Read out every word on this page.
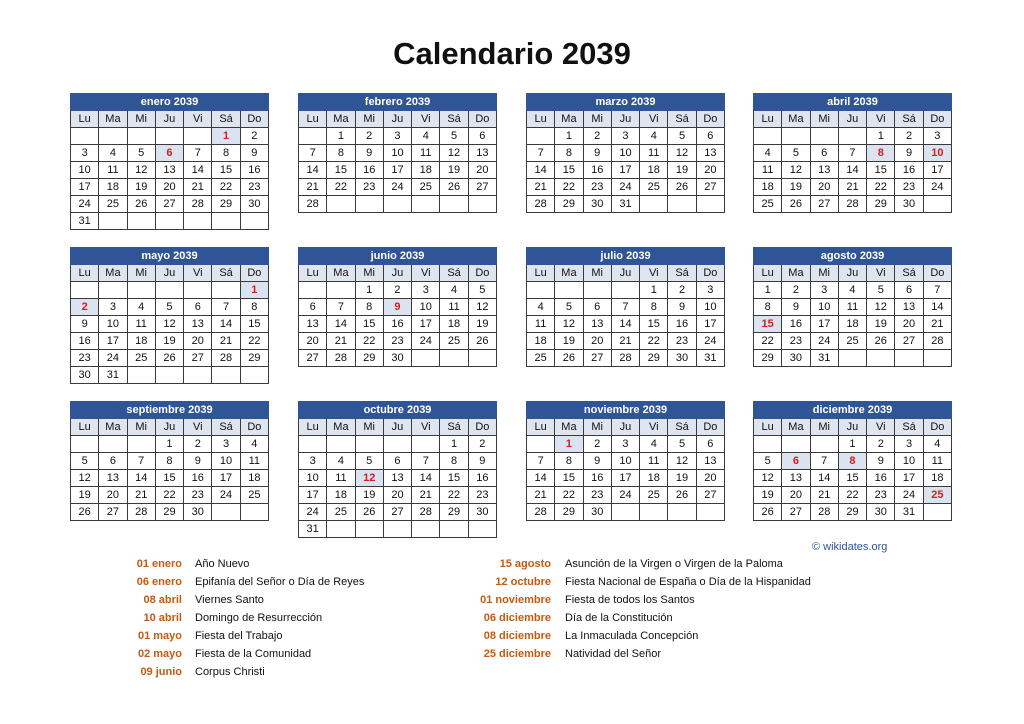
Calendario 2039
enero 2039						
Lu	Ma	Mi	Ju	Vi	Sá	Do
					1	2
3	4	5	6	7	8	9
10	11	12	13	14	15	16
17	18	19	20	21	22	23
24	25	26	27	28	29	30
31						
febrero 2039						
Lu	Ma	Mi	Ju	Vi	Sá	Do
	1	2	3	4	5	6
7	8	9	10	11	12	13
14	15	16	17	18	19	20
21	22	23	24	25	26	27
28						
marzo 2039						
Lu	Ma	Mi	Ju	Vi	Sá	Do
	1	2	3	4	5	6
7	8	9	10	11	12	13
14	15	16	17	18	19	20
21	22	23	24	25	26	27
28	29	30	31			
abril 2039						
Lu	Ma	Mi	Ju	Vi	Sá	Do
				1	2	3
4	5	6	7	8	9	10
11	12	13	14	15	16	17
18	19	20	21	22	23	24
25	26	27	28	29	30	
mayo 2039						
Lu	Ma	Mi	Ju	Vi	Sá	Do
						1
2	3	4	5	6	7	8
9	10	11	12	13	14	15
16	17	18	19	20	21	22
23	24	25	26	27	28	29
30	31					
junio 2039						
Lu	Ma	Mi	Ju	Vi	Sá	Do
		1	2	3	4	5
6	7	8	9	10	11	12
13	14	15	16	17	18	19
20	21	22	23	24	25	26
27	28	29	30			
julio 2039						
Lu	Ma	Mi	Ju	Vi	Sá	Do
				1	2	3
4	5	6	7	8	9	10
11	12	13	14	15	16	17
18	19	20	21	22	23	24
25	26	27	28	29	30	31
agosto 2039						
Lu	Ma	Mi	Ju	Vi	Sá	Do
1	2	3	4	5	6	7
8	9	10	11	12	13	14
15	16	17	18	19	20	21
22	23	24	25	26	27	28
29	30	31				
septiembre 2039						
Lu	Ma	Mi	Ju	Vi	Sá	Do
			1	2	3	4
5	6	7	8	9	10	11
12	13	14	15	16	17	18
19	20	21	22	23	24	25
26	27	28	29	30		
octubre 2039						
Lu	Ma	Mi	Ju	Vi	Sá	Do
					1	2
3	4	5	6	7	8	9
10	11	12	13	14	15	16
17	18	19	20	21	22	23
24	25	26	27	28	29	30
31						
noviembre 2039						
Lu	Ma	Mi	Ju	Vi	Sá	Do
	1	2	3	4	5	6
7	8	9	10	11	12	13
14	15	16	17	18	19	20
21	22	23	24	25	26	27
28	29	30				
diciembre 2039						
Lu	Ma	Mi	Ju	Vi	Sá	Do
			1	2	3	4
5	6	7	8	9	10	11
12	13	14	15	16	17	18
19	20	21	22	23	24	25
26	27	28	29	30	31	
© wikidates.org
01 enero Año Nuevo
06 enero Epifanía del Señor o Día de Reyes
08 abril Viernes Santo
10 abril Domingo de Resurrección
01 mayo Fiesta del Trabajo
02 mayo Fiesta de la Comunidad
09 junio Corpus Christi
15 agosto Asunción de la Virgen o Virgen de la Paloma
12 octubre Fiesta Nacional de España o Día de la Hispanidad
01 noviembre Fiesta de todos los Santos
06 diciembre Día de la Constitución
08 diciembre La Inmaculada Concepción
25 diciembre Natividad del Señor
